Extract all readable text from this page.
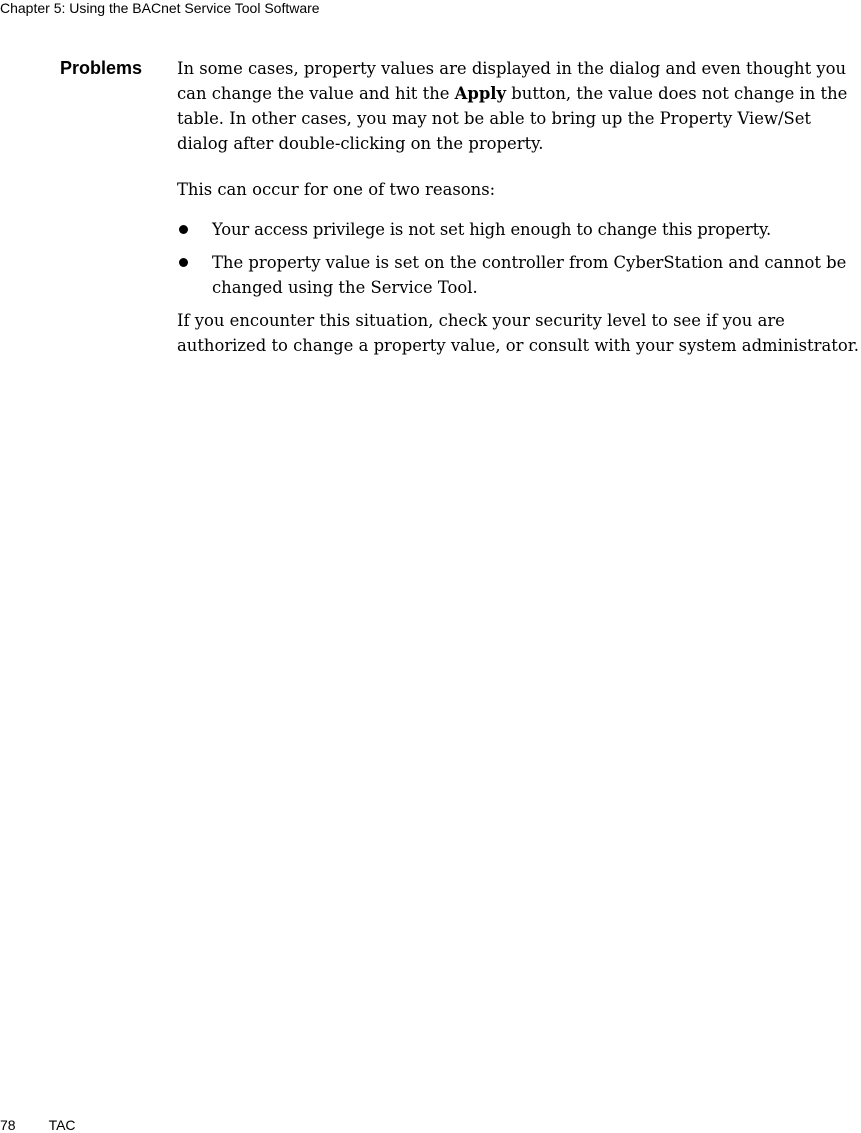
Chapter 5: Using the BACnet Service Tool Software
Problems In some cases, property values are displayed in the dialog and even thought you can change the value and hit the Apply button, the value does not change in the table. In other cases, you may not be able to bring up the Property View/Set dialog after double-clicking on the property.

This can occur for one of two reasons:

Your access privilege is not set high enough to change this property.
The property value is set on the controller from CyberStation and cannot be changed using the Service Tool.

If you encounter this situation, check your security level to see if you are authorized to change a property value, or consult with your system administrator.

78 TAC
